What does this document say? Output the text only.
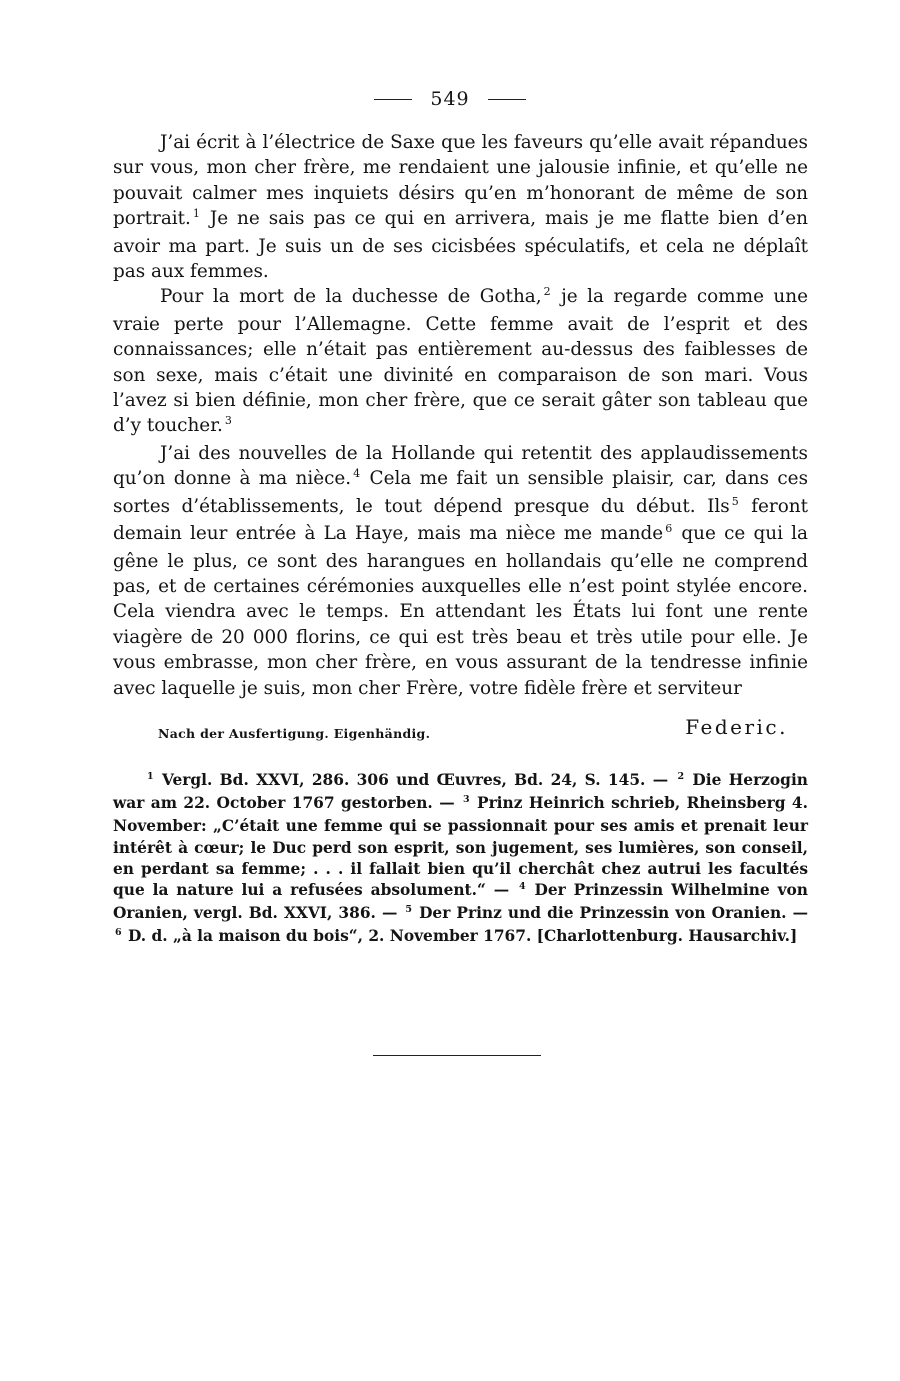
549

J’ai écrit à l’électrice de Saxe que les faveurs qu’elle avait répandues sur vous, mon cher frère, me rendaient une jalousie infinie, et qu’elle ne pouvait calmer mes inquiets désirs qu’en m’honorant de même de son portrait. $^1$ Je ne sais pas ce qui en arrivera, mais je me flatte bien d’en avoir ma part. Je suis un de ses cicisbées spéculatifs, et cela ne déplaît pas aux femmes.

Pour la mort de la duchesse de Gotha, $^2$ je la regarde comme une vraie perte pour l’Allemagne. Cette femme avait de l’esprit et des connaissances; elle n’était pas entièrement au-dessus des faiblesses de son sexe, mais c’était une divinité en comparaison de son mari. Vous l’avez si bien définie, mon cher frère, que ce serait gâter son tableau que d’y toucher. $^3$

J’ai des nouvelles de la Hollande qui retentit des applaudissements qu’on donne à ma nièce. $^4$ Cela me fait un sensible plaisir, car, dans ces sortes d’établissements, le tout dépend presque du début. Ils $^5$ feront demain leur entrée à La Haye, mais ma nièce me mande $^6$ que ce qui la gêne le plus, ce sont des harangues en hollandais qu’elle ne comprend pas, et de certaines cérémonies auxquelles elle n’est point stylée encore. Cela viendra avec le temps. En attendant les États lui font une rente viagère de 20 000 florins, ce qui est très beau et très utile pour elle. Je vous embrasse, mon cher frère, en vous assurant de la tendresse infinie avec laquelle je suis, mon cher Frère, votre fidèle frère et serviteur

Nach der Ausfertigung. Eigenhändig.	Federic.

$^1$ Vergl. Bd. XXVI, 286. 306 und Œuvres, Bd. 24, S. 145. — $^2$ Die Herzogin war am 22. October 1767 gestorben. — $^3$ Prinz Heinrich schrieb, Rheinsberg 4. November: „C’était une femme qui se passionnait pour ses amis et prenait leur intérêt à cœur; le Duc perd son esprit, son jugement, ses lumières, son conseil, en perdant sa femme; . . . il fallait bien qu’il cherchât chez autrui les facultés que la nature lui a refusées absolument.“ — $^4$ Der Prinzessin Wilhelmine von Oranien, vergl. Bd. XXVI, 386. — $^5$ Der Prinz und die Prinzessin von Oranien. — $^6$ D. d. „à la maison du bois“, 2. November 1767. [Charlottenburg. Hausarchiv.]
